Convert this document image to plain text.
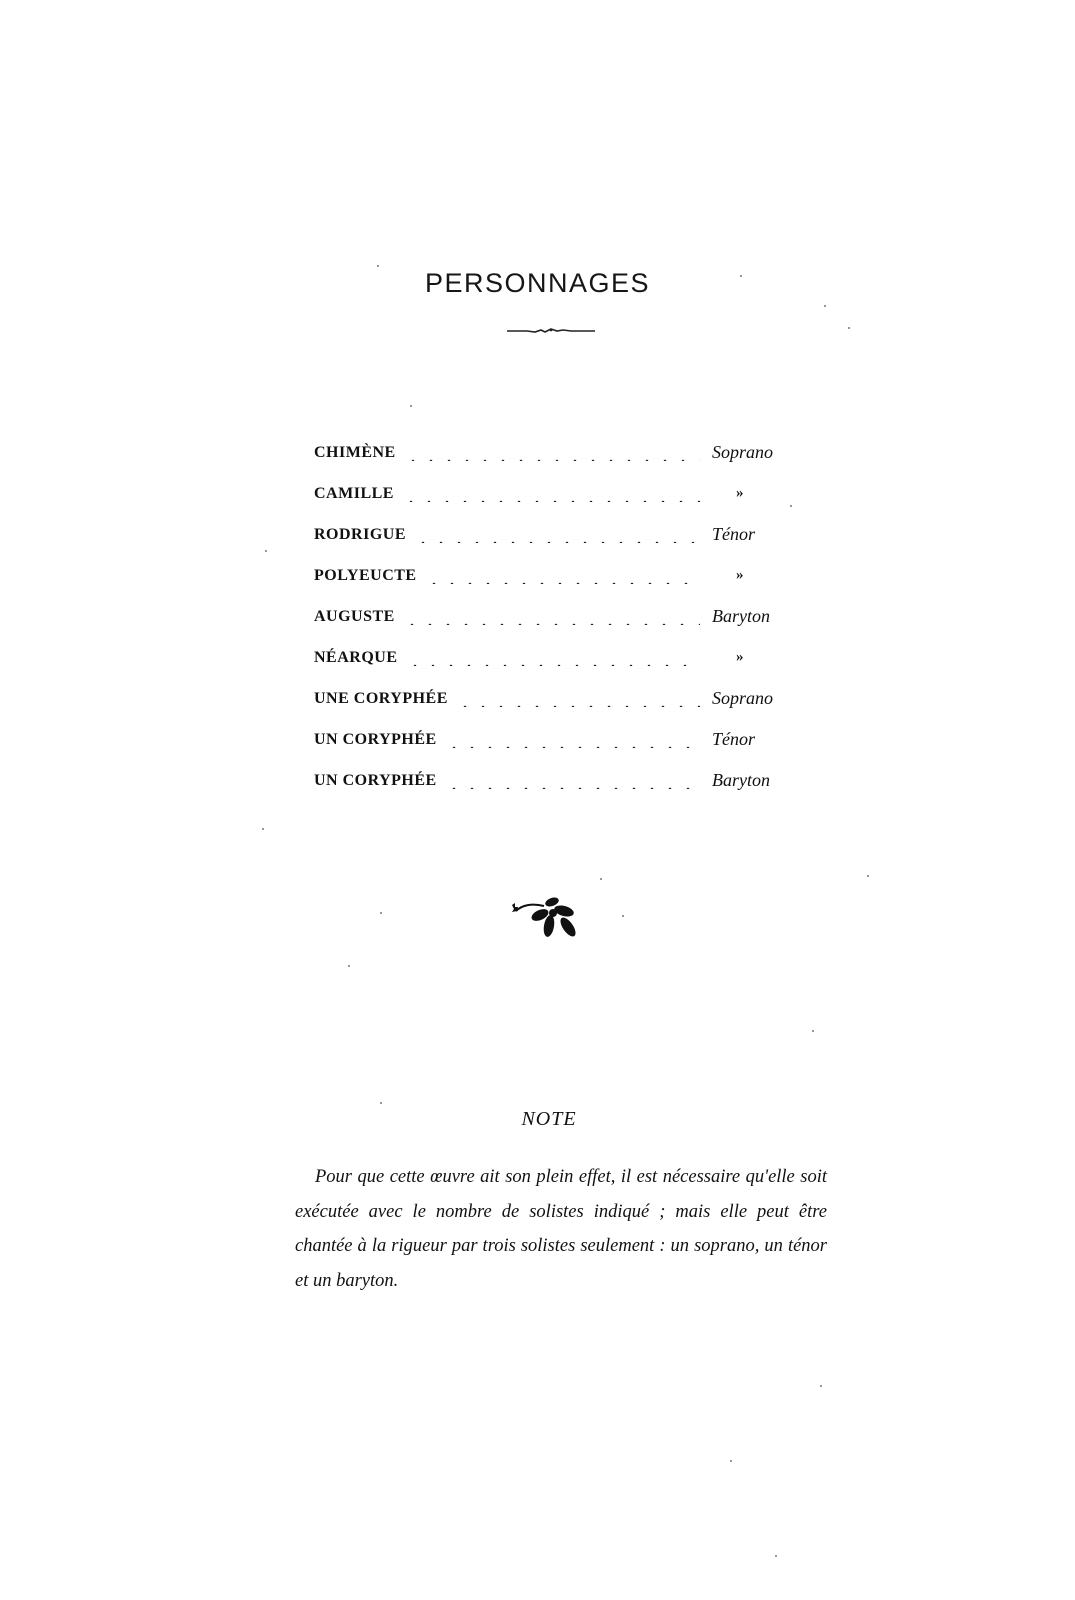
PERSONNAGES
CHIMÈNE	Soprano
CAMILLE	»
RODRIGUE	Ténor
POLYEUCTE	»
AUGUSTE	Baryton
NÉARQUE	»
UNE CORYPHÉE	Soprano
UN CORYPHÉE	Ténor
UN CORYPHÉE	Baryton
NOTE
Pour que cette œuvre ait son plein effet, il est nécessaire qu'elle soit exécutée avec le nombre de solistes indiqué ; mais elle peut être chantée à la rigueur par trois solistes seulement : un soprano, un ténor et un baryton.
